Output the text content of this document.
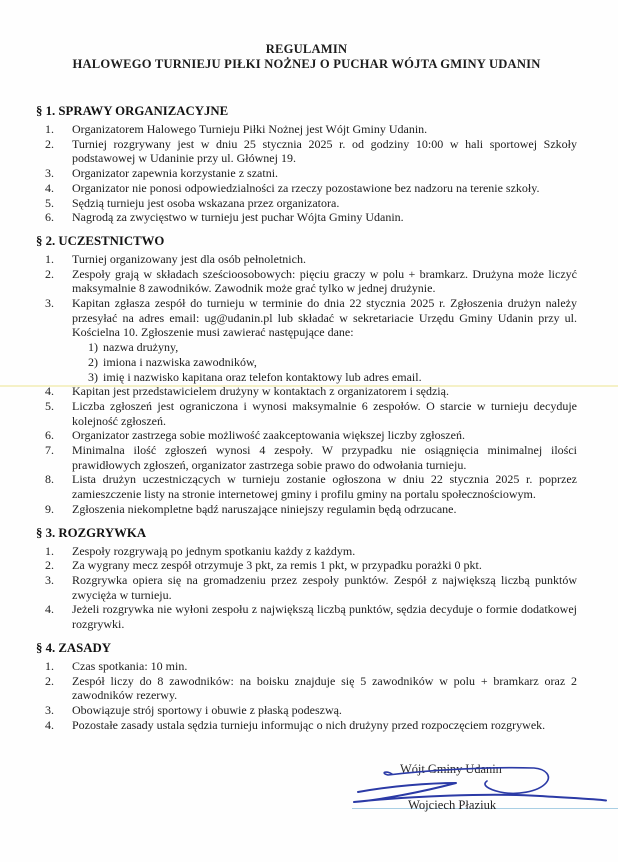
REGULAMIN
HALOWEGO TURNIEJU PIŁKI NOŻNEJ O PUCHAR WÓJTA GMINY UDANIN
§ 1. SPRAWY ORGANIZACYJNE
Organizatorem Halowego Turnieju Piłki Nożnej jest Wójt Gminy Udanin.
Turniej rozgrywany jest w dniu 25 stycznia 2025 r. od godziny 10:00 w hali sportowej Szkoły podstawowej w Udaninie przy ul. Głównej 19.
Organizator zapewnia korzystanie z szatni.
Organizator nie ponosi odpowiedzialności za rzeczy pozostawione bez nadzoru na terenie szkoły.
Sędzią turnieju jest osoba wskazana przez organizatora.
Nagrodą za zwycięstwo w turnieju jest puchar Wójta Gminy Udanin.
§ 2. UCZESTNICTWO
Turniej organizowany jest dla osób pełnoletnich.
Zespoły grają w składach sześcioosobowych: pięciu graczy w polu + bramkarz. Drużyna może liczyć maksymalnie 8 zawodników. Zawodnik może grać tylko w jednej drużynie.
Kapitan zgłasza zespół do turnieju w terminie do dnia 22 stycznia 2025 r. Zgłoszenia drużyn należy przesyłać na adres email: ug@udanin.pl lub składać w sekretariacie Urzędu Gminy Udanin przy ul. Kościelna 10. Zgłoszenie musi zawierać następujące dane:
nazwa drużyny,
imiona i nazwiska zawodników,
imię i nazwisko kapitana oraz telefon kontaktowy lub adres email.
Kapitan jest przedstawicielem drużyny w kontaktach z organizatorem i sędzią.
Liczba zgłoszeń jest ograniczona i wynosi maksymalnie 6 zespołów. O starcie w turnieju decyduje kolejność zgłoszeń.
Organizator zastrzega sobie możliwość zaakceptowania większej liczby zgłoszeń.
Minimalna ilość zgłoszeń wynosi 4 zespoły. W przypadku nie osiągnięcia minimalnej ilości prawidłowych zgłoszeń, organizator zastrzega sobie prawo do odwołania turnieju.
Lista drużyn uczestniczących w turnieju zostanie ogłoszona w dniu 22 stycznia 2025 r. poprzez zamieszczenie listy na stronie internetowej gminy i profilu gminy na portalu społecznościowym.
Zgłoszenia niekompletne bądź naruszające niniejszy regulamin będą odrzucane.
§ 3. ROZGRYWKA
Zespoły rozgrywają po jednym spotkaniu każdy z każdym.
Za wygrany mecz zespół otrzymuje 3 pkt, za remis 1 pkt, w przypadku porażki 0 pkt.
Rozgrywka opiera się na gromadzeniu przez zespoły punktów. Zespół z największą liczbą punktów zwycięża w turnieju.
Jeżeli rozgrywka nie wyłoni zespołu z największą liczbą punktów, sędzia decyduje o formie dodatkowej rozgrywki.
§ 4. ZASADY
Czas spotkania: 10 min.
Zespół liczy do 8 zawodników: na boisku znajduje się 5 zawodników w polu + bramkarz oraz 2 zawodników rezerwy.
Obowiązuje strój sportowy i obuwie z płaską podeszwą.
Pozostałe zasady ustala sędzia turnieju informując o nich drużyny przed rozpoczęciem rozgrywek.
Wójt Gminy Udanin
Wojciech Płaziuk
